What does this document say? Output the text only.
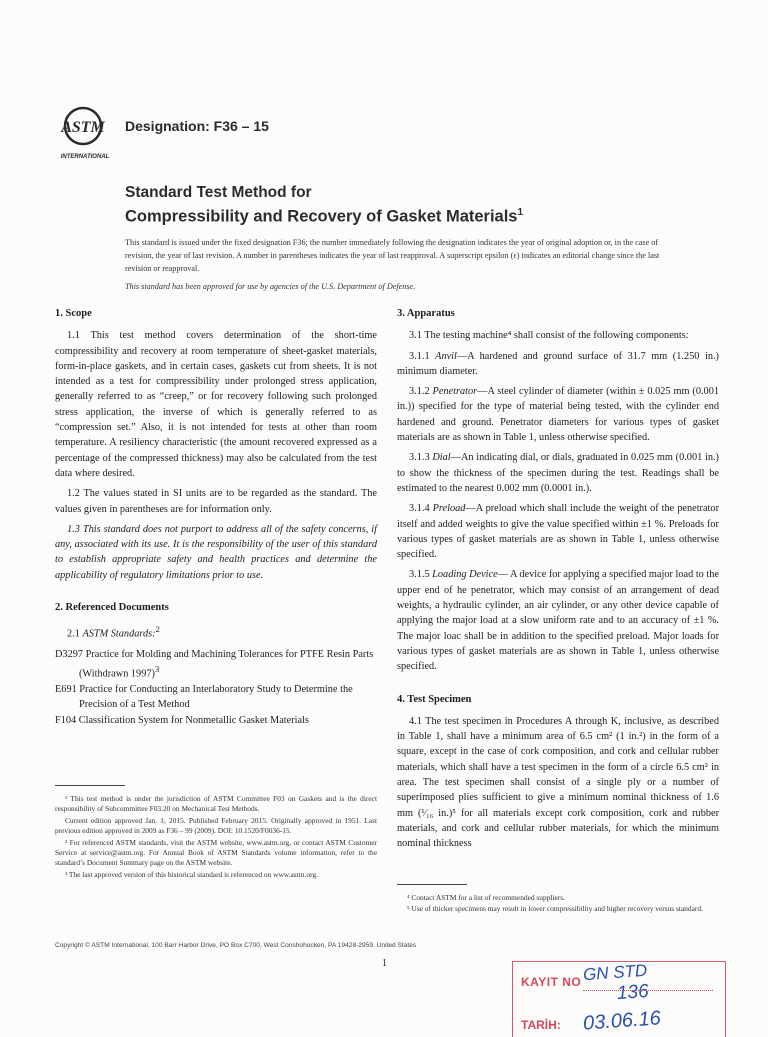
ASTM
INTERNATIONAL
Designation: F36 – 15
Standard Test Method for
Compressibility and Recovery of Gasket Materials$^1$
This standard is issued under the fixed designation F36; the number immediately following the designation indicates the year of original adoption or, in the case of revision, the year of last revision. A number in parentheses indicates the year of last reapproval. A superscript epsilon (ε) indicates an editorial change since the last revision or reapproval.
This standard has been approved for use by agencies of the U.S. Department of Defense.
1. Scope

1.1 This test method covers determination of the short-time compressibility and recovery at room temperature of sheet-gasket materials, form-in-place gaskets, and in certain cases, gaskets cut from sheets. It is not intended as a test for compressibility under prolonged stress application, generally referred to as “creep,” or for recovery following such prolonged stress application, the inverse of which is generally referred to as “compression set.” Also, it is not intended for tests at other than room temperature. A resiliency characteristic (the amount recovered expressed as a percentage of the compressed thickness) may also be calculated from the test data where desired.

1.2 The values stated in SI units are to be regarded as the standard. The values given in parentheses are for information only.

1.3 This standard does not purport to address all of the safety concerns, if any, associated with its use. It is the responsibility of the user of this standard to establish appropriate safety and health practices and determine the applicability of regulatory limitations prior to use.

2. Referenced Documents

2.1 ASTM Standards:$^2$

D3297 Practice for Molding and Machining Tolerances for PTFE Resin Parts (Withdrawn 1997)$^3$

E691 Practice for Conducting an Interlaboratory Study to Determine the Precision of a Test Method

F104 Classification System for Nonmetallic Gasket Materials

¹ This test method is under the jurisdiction of ASTM Committee F03 on Gaskets and is the direct responsibility of Subcommittee F03.20 on Mechanical Test Methods.

Current edition approved Jan. 1, 2015. Published February 2015. Originally approved in 1951. Last previous edition approved in 2009 as F36 – 99 (2009). DOI: 10.1520/F0036-15.

² For referenced ASTM standards, visit the ASTM website, www.astm.org, or contact ASTM Customer Service at service@astm.org. For Annual Book of ASTM Standards volume information, refer to the standard’s Document Summary page on the ASTM website.

³ The last approved version of this historical standard is referenced on www.astm.org.

3. Apparatus

3.1 The testing machine⁴ shall consist of the following components:

3.1.1 Anvil—A hardened and ground surface of 31.7 mm (1.250 in.) minimum diameter.

3.1.2 Penetrator—A steel cylinder of diameter (within ± 0.025 mm (0.001 in.)) specified for the type of material being tested, with the cylinder end hardened and ground. Penetrator diameters for various types of gasket materials are as shown in Table 1, unless otherwise specified.

3.1.3 Dial—An indicating dial, or dials, graduated in 0.025 mm (0.001 in.) to show the thickness of the specimen during the test. Readings shall be estimated to the nearest 0.002 mm (0.0001 in.).

3.1.4 Preload—A preload which shall include the weight of the penetrator itself and added weights to give the value specified within ±1 %. Preloads for various types of gasket materials are as shown in Table 1, unless otherwise specified.

3.1.5 Loading Device— A device for applying a specified major load to the upper end of he penetrator, which may consist of an arrangement of dead weights, a hydraulic cylinder, an air cylinder, or any other device capable of applying the major load at a slow uniform rate and to an accuracy of ±1 %. The major loac shall be in addition to the specified preload. Major loads for various types of gasket materials are as shown in Table 1, unless otherwise specified.

4. Test Specimen

4.1 The test specimen in Procedures A through K, inclusive, as described in Table 1, shall have a minimum area of 6.5 cm² (1 in.²) in the form of a square, except in the case of cork composition, and cork and cellular rubber materials, which shall have a test specimen in the form of a circle 6.5 cm² in area. The test specimen shall consist of a single ply or a number of superimposed plies sufficient to give a minimum nominal thickness of 1.6 mm (¹⁄₁₆ in.)⁵ for all materials except cork composition, cork and rubber materials, and cork and cellular rubber materials, for which the minimum nominal thickness

⁴ Contact ASTM for a list of recommended suppliers.

⁵ Use of thicker specimens may result in lower compressibility and higher recovery versus standard.

Copyright © ASTM International, 100 Barr Harbor Drive, PO Box C700, West Conshohocken, PA 19428-2959. United States
1
KAYIT NO GN STD
136
TARİH: 03.06.16
